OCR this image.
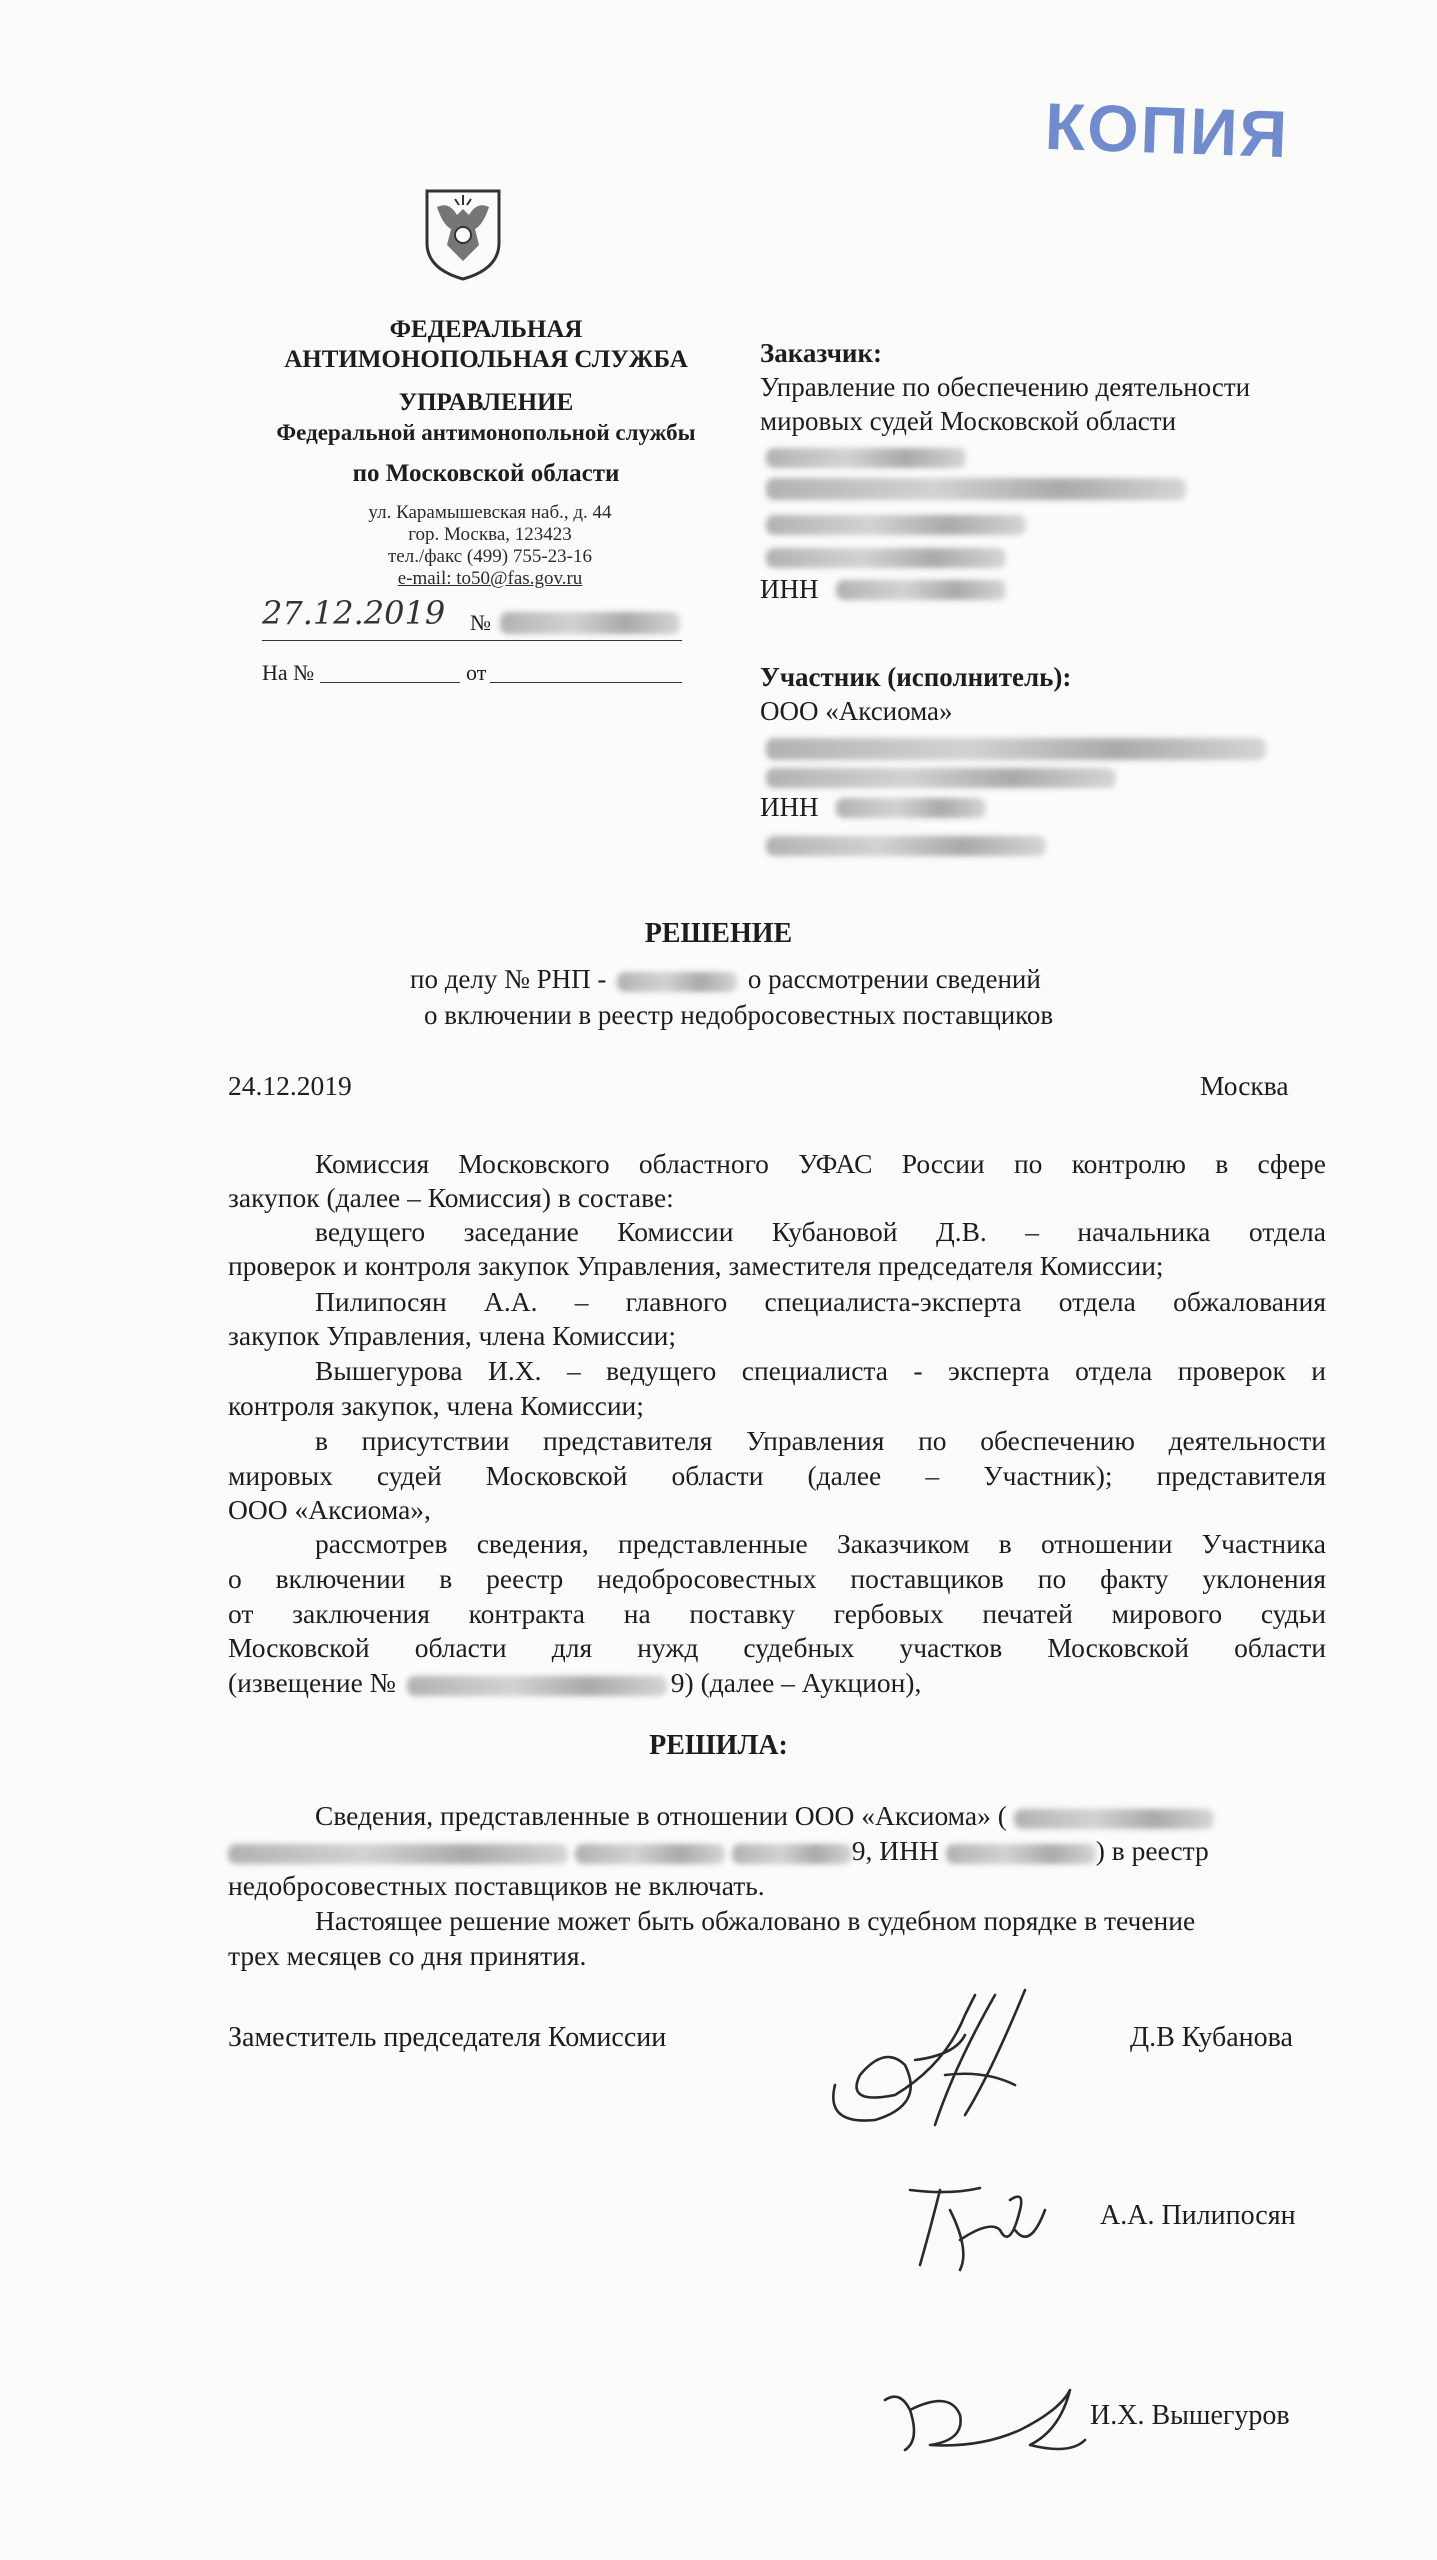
КОПИЯ
ФЕДЕРАЛЬНАЯ
АНТИМОНОПОЛЬНАЯ СЛУЖБА
УПРАВЛЕНИЕ
Федеральной антимонопольной службы
по Московской области
ул. Карамышевская наб., д. 44
гор. Москва, 123423
тел./факс (499) 755-23-16
e-mail: to50@fas.gov.ru
27.12.2019 №
На №	от
Заказчик:
Управление по обеспечению деятельности
мировых судей Московской области
ИНН
Участник (исполнитель):
ООО «Аксиома»
ИНН
РЕШЕНИЕ
по делу № РНП -	о рассмотрении сведений
о включении в реестр недобросовестных поставщиков
24.12.2019	Москва
Комиссия Московского областного УФАС России по контролю в сфере
закупок (далее – Комиссия) в составе:
ведущего заседание Комиссии Кубановой Д.В. – начальника отдела
проверок и контроля закупок Управления, заместителя председателя Комиссии;
Пилипосян А.А. – главного специалиста-эксперта отдела обжалования
закупок Управления, члена Комиссии;
Вышегурова И.Х. – ведущего специалиста - эксперта отдела проверок и
контроля закупок, члена Комиссии;
в присутствии представителя Управления по обеспечению деятельности
мировых судей Московской области (далее – Участник); представителя
ООО «Аксиома»,
рассмотрев сведения, представленные Заказчиком в отношении Участника
о включении в реестр недобросовестных поставщиков по факту уклонения
от заключения контракта на поставку гербовых печатей мирового судьи
Московской области для нужд судебных участков Московской области
(извещение №	9) (далее – Аукцион),
РЕШИЛА:
Сведения, представленные в отношении ООО «Аксиома» (
9, ИНН	) в реестр
недобросовестных поставщиков не включать.
Настоящее решение может быть обжаловано в судебном порядке в течение
трех месяцев со дня принятия.
Заместитель председателя Комиссии	Д.В Кубанова
А.А. Пилипосян
И.Х. Вышегуров
